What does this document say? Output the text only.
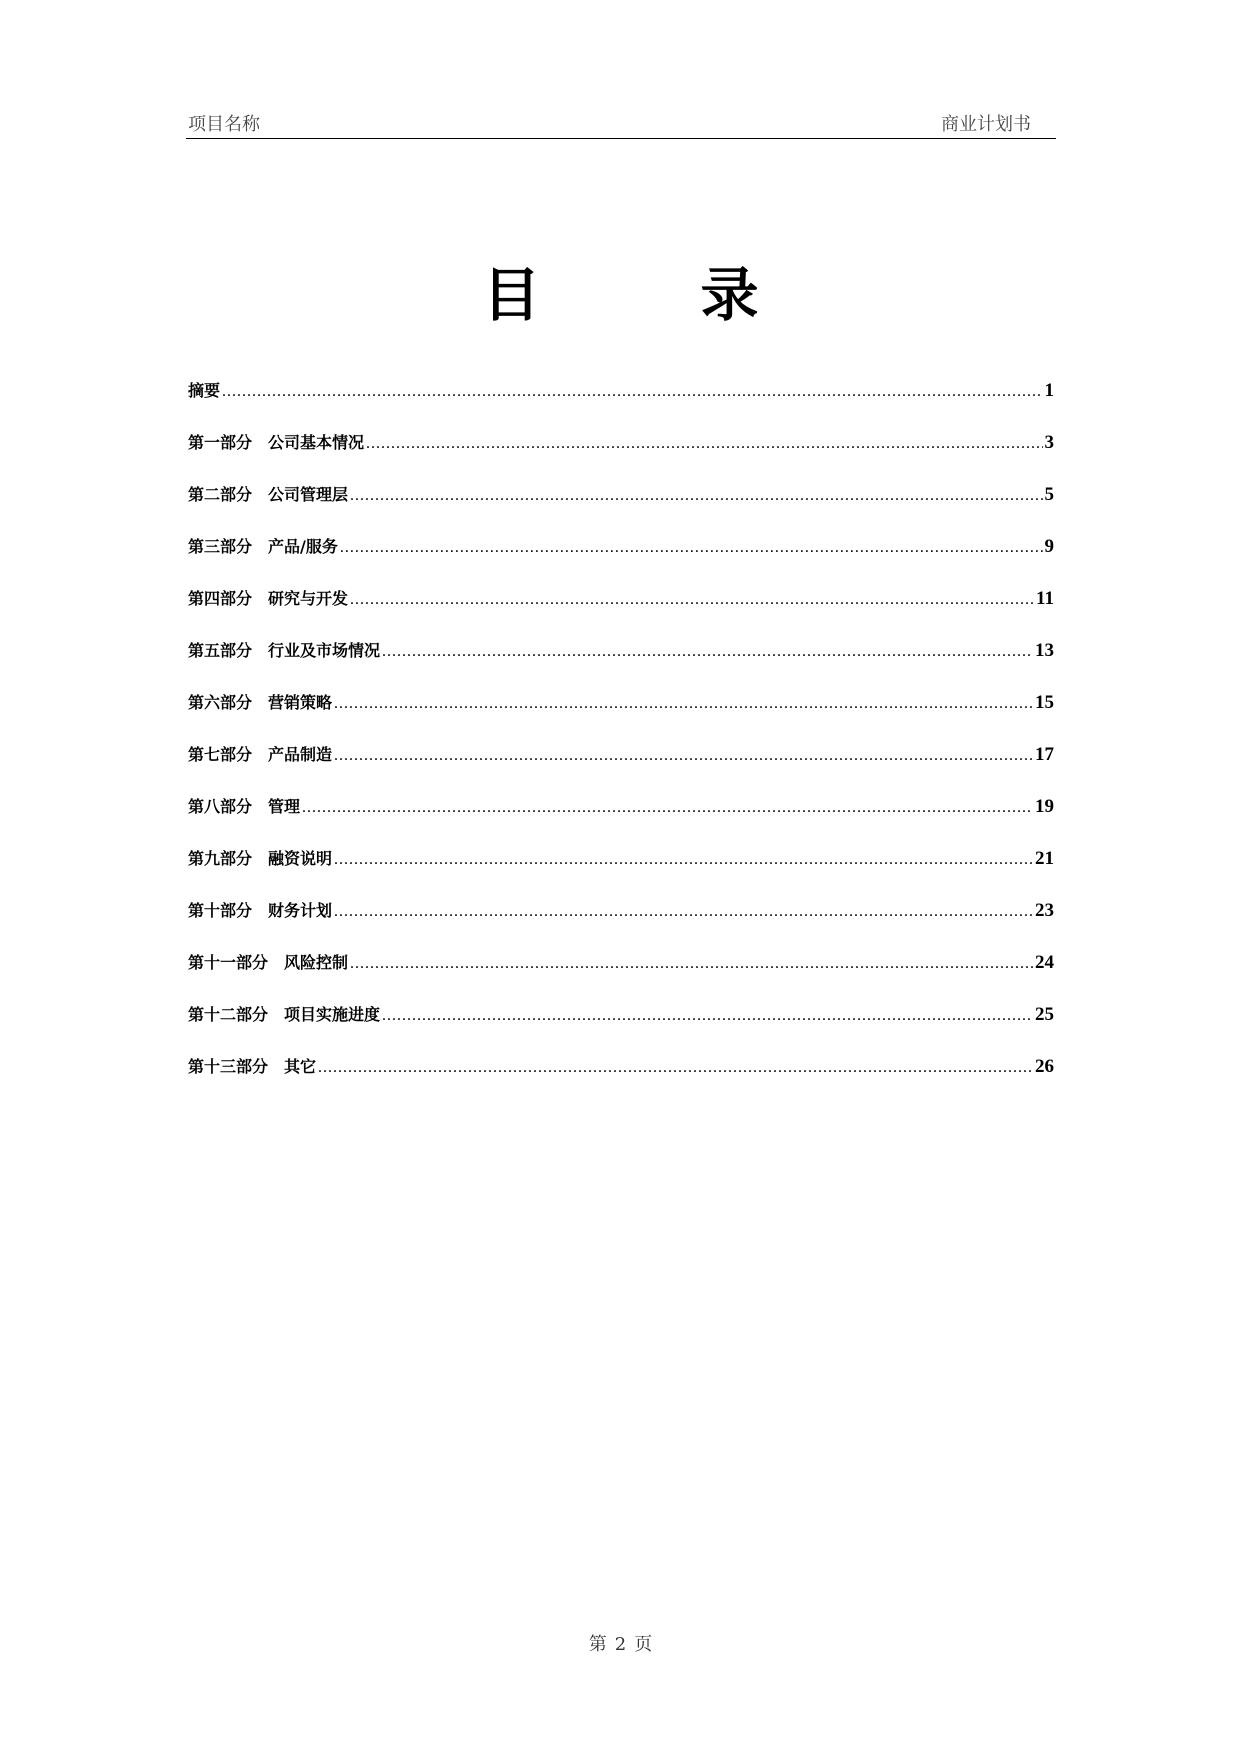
项目名称	商业计划书
目	录
摘要 .....	1
第一部分　公司基本情况 .....	3
第二部分　公司管理层 .....	5
第三部分　产品/服务 .....	9
第四部分　研究与开发 .....	11
第五部分　行业及市场情况 .....	13
第六部分　营销策略 .....	15
第七部分　产品制造 .....	17
第八部分　管理 .....	19
第九部分　融资说明 .....	21
第十部分　财务计划 .....	23
第十一部分　风险控制 .....	24
第十二部分　项目实施进度 .....	25
第十三部分　其它 .....	26
第 2 页
